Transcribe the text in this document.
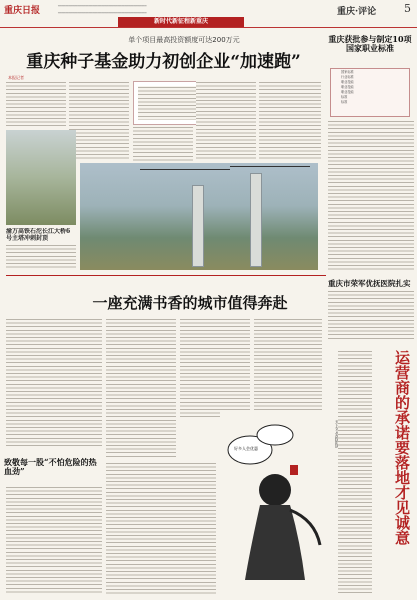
重庆日报	━━━━━━━━━━━━━━━━━━━━━━━━━━━━━━━━━━━━━━━━━━━━━━━━━
━━━━━━━━━━━━━━━━━━━━━━━━━━━━━━━━━━━━━━━━━━━━━━━━━	重庆·评论	5
新时代新征程新重庆
单个项目最高投资额度可达200万元
重庆种子基金助力初创企业“加速跑”
本报记者
渝万高铁石沱长江大桥6号主塔冲刺封顶
重庆获批参与制定10项国家职业标准
国家标准
行业标准
职业技能
职业技能
职业技能
标准
标准
重庆市荣军优抚医院扎实
一座充满书香的城市值得奔赴
致敬每一股“不怕危险的热血劲”
好多人会优惠	运营商的承诺要落地才见诚意
